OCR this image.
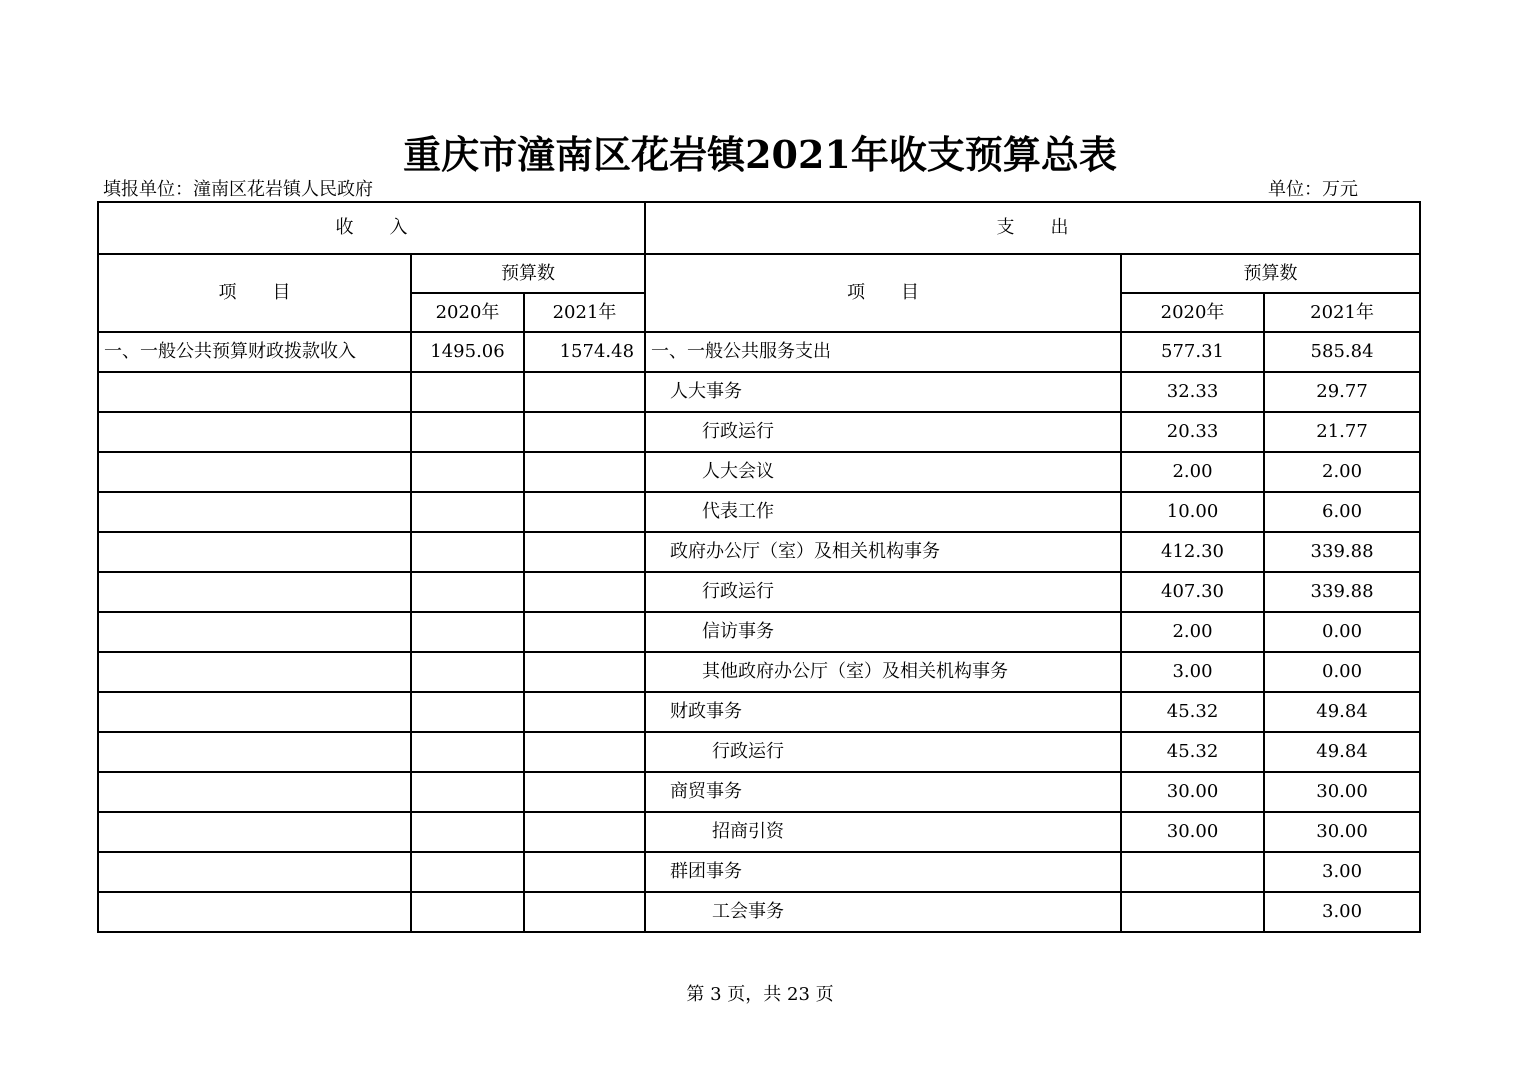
重庆市潼南区花岩镇2021年收支预算总表
填报单位：潼南区花岩镇人民政府	单位：万元
收　　入			支　　出		
项　　目	预算数		项　　目	预算数	
	2020年	2021年		2020年	2021年
一、一般公共预算财政拨款收入	1495.06	1574.48	一、一般公共服务支出	577.31	585.84
			人大事务	32.33	29.77
			行政运行	20.33	21.77
			人大会议	2.00	2.00
			代表工作	10.00	6.00
			政府办公厅（室）及相关机构事务	412.30	339.88
			行政运行	407.30	339.88
			信访事务	2.00	0.00
			其他政府办公厅（室）及相关机构事务	3.00	0.00
			财政事务	45.32	49.84
			行政运行	45.32	49.84
			商贸事务	30.00	30.00
			招商引资	30.00	30.00
			群团事务		3.00
			工会事务		3.00
第 3 页，共 23 页
